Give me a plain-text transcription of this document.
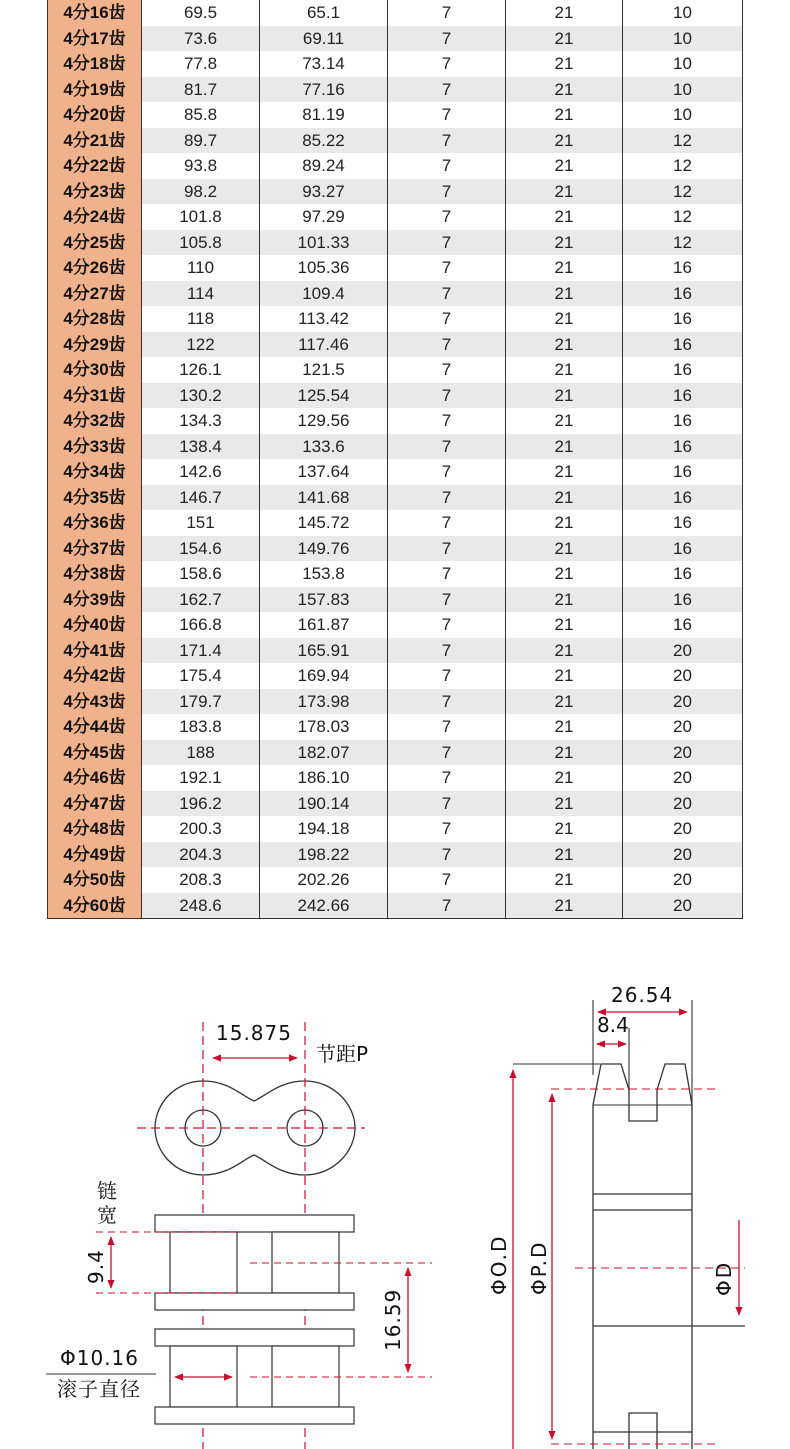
4分16齿	69.5	65.1	7	21	10
4分17齿	73.6	69.11	7	21	10
4分18齿	77.8	73.14	7	21	10
4分19齿	81.7	77.16	7	21	10
4分20齿	85.8	81.19	7	21	10
4分21齿	89.7	85.22	7	21	12
4分22齿	93.8	89.24	7	21	12
4分23齿	98.2	93.27	7	21	12
4分24齿	101.8	97.29	7	21	12
4分25齿	105.8	101.33	7	21	12
4分26齿	110	105.36	7	21	16
4分27齿	114	109.4	7	21	16
4分28齿	118	113.42	7	21	16
4分29齿	122	117.46	7	21	16
4分30齿	126.1	121.5	7	21	16
4分31齿	130.2	125.54	7	21	16
4分32齿	134.3	129.56	7	21	16
4分33齿	138.4	133.6	7	21	16
4分34齿	142.6	137.64	7	21	16
4分35齿	146.7	141.68	7	21	16
4分36齿	151	145.72	7	21	16
4分37齿	154.6	149.76	7	21	16
4分38齿	158.6	153.8	7	21	16
4分39齿	162.7	157.83	7	21	16
4分40齿	166.8	161.87	7	21	16
4分41齿	171.4	165.91	7	21	20
4分42齿	175.4	169.94	7	21	20
4分43齿	179.7	173.98	7	21	20
4分44齿	183.8	178.03	7	21	20
4分45齿	188	182.07	7	21	20
4分46齿	192.1	186.10	7	21	20
4分47齿	196.2	190.14	7	21	20
4分48齿	200.3	194.18	7	21	20
4分49齿	204.3	198.22	7	21	20
4分50齿	208.3	202.26	7	21	20
4分60齿	248.6	242.66	7	21	20
15.875
节距P
链
宽
9.4
16.59
Φ10.16
滚子直径
26.54
8.4
ΦO.D ΦP.D	ΦD
